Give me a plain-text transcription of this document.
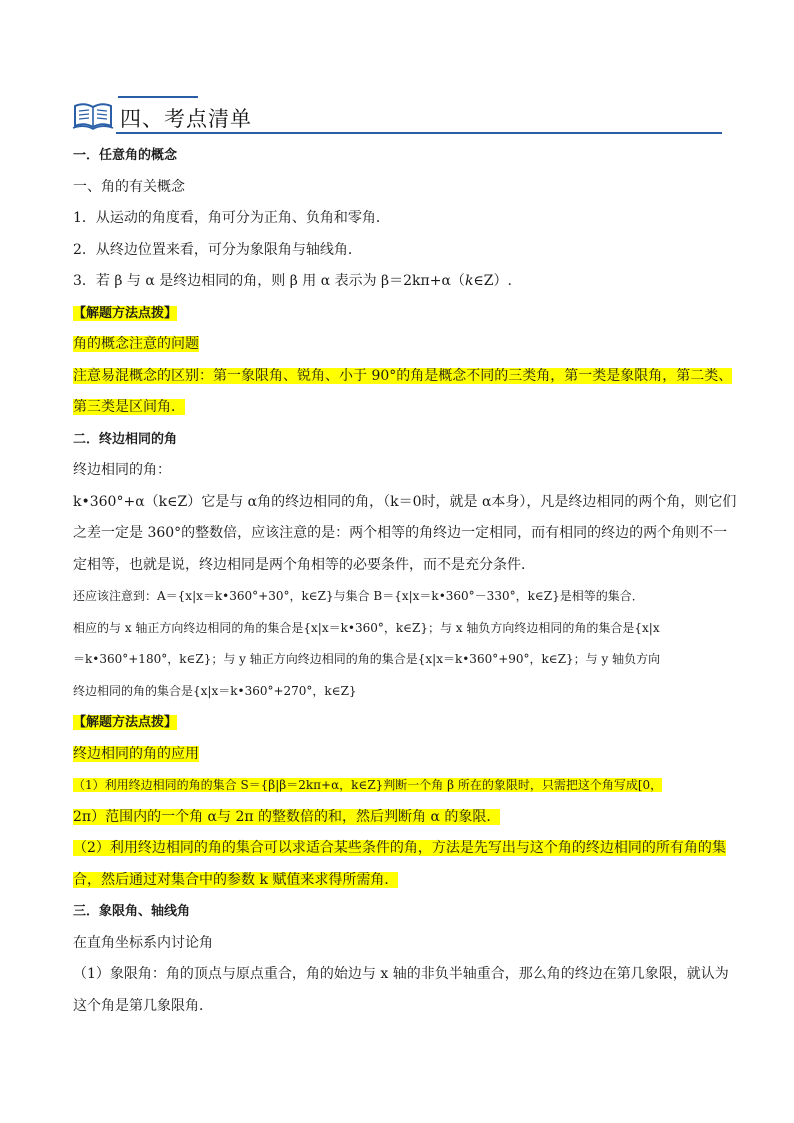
四、考点清单
一．任意角的概念
一、角的有关概念
1．从运动的角度看，角可分为正角、负角和零角．
2．从终边位置来看，可分为象限角与轴线角．
3．若 β 与 α 是终边相同的角，则 β 用 α 表示为 β＝2kπ+α（k∈Z）.
【解题方法点拨】
角的概念注意的问题
注意易混概念的区别：第一象限角、锐角、小于 90°的角是概念不同的三类角，第一类是象限角，第二类、
第三类是区间角．
二．终边相同的角
终边相同的角：
k•360°+α（k∈Z）它是与 α角的终边相同的角，（k＝0时，就是 α本身），凡是终边相同的两个角，则它们
之差一定是 360°的整数倍，应该注意的是：两个相等的角终边一定相同，而有相同的终边的两个角则不一
定相等，也就是说，终边相同是两个角相等的必要条件，而不是充分条件．
还应该注意到：A＝{x|x＝k•360°+30°，k∈Z}与集合 B＝{x|x＝k•360°－330°，k∈Z}是相等的集合．
相应的与 x 轴正方向终边相同的角的集合是{x|x＝k•360°，k∈Z}；与 x 轴负方向终边相同的角的集合是{x|x
＝k•360°+180°，k∈Z}；与 y 轴正方向终边相同的角的集合是{x|x＝k•360°+90°，k∈Z}；与 y 轴负方向
终边相同的角的集合是{x|x＝k•360°+270°，k∈Z}
【解题方法点拨】
终边相同的角的应用
（1）利用终边相同的角的集合 S＝{β|β＝2kπ+α，k∈Z}判断一个角 β 所在的象限时，只需把这个角写成[0，
2π）范围内的一个角 α与 2π 的整数倍的和，然后判断角 α 的象限．
（2）利用终边相同的角的集合可以求适合某些条件的角，方法是先写出与这个角的终边相同的所有角的集
合，然后通过对集合中的参数 k 赋值来求得所需角．
三．象限角、轴线角
在直角坐标系内讨论角
（1）象限角：角的顶点与原点重合，角的始边与 x 轴的非负半轴重合，那么角的终边在第几象限，就认为
这个角是第几象限角．
